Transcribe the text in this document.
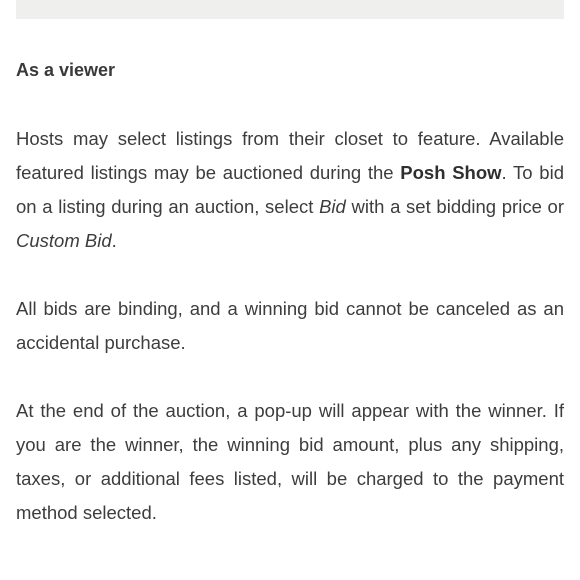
As a viewer

Hosts may select listings from their closet to feature. Available featured listings may be auctioned during the Posh Show. To bid on a listing during an auction, select Bid with a set bidding price or Custom Bid.

All bids are binding, and a winning bid cannot be canceled as an accidental purchase.

At the end of the auction, a pop-up will appear with the winner. If you are the winner, the winning bid amount, plus any shipping, taxes, or additional fees listed, will be charged to the payment method selected.
